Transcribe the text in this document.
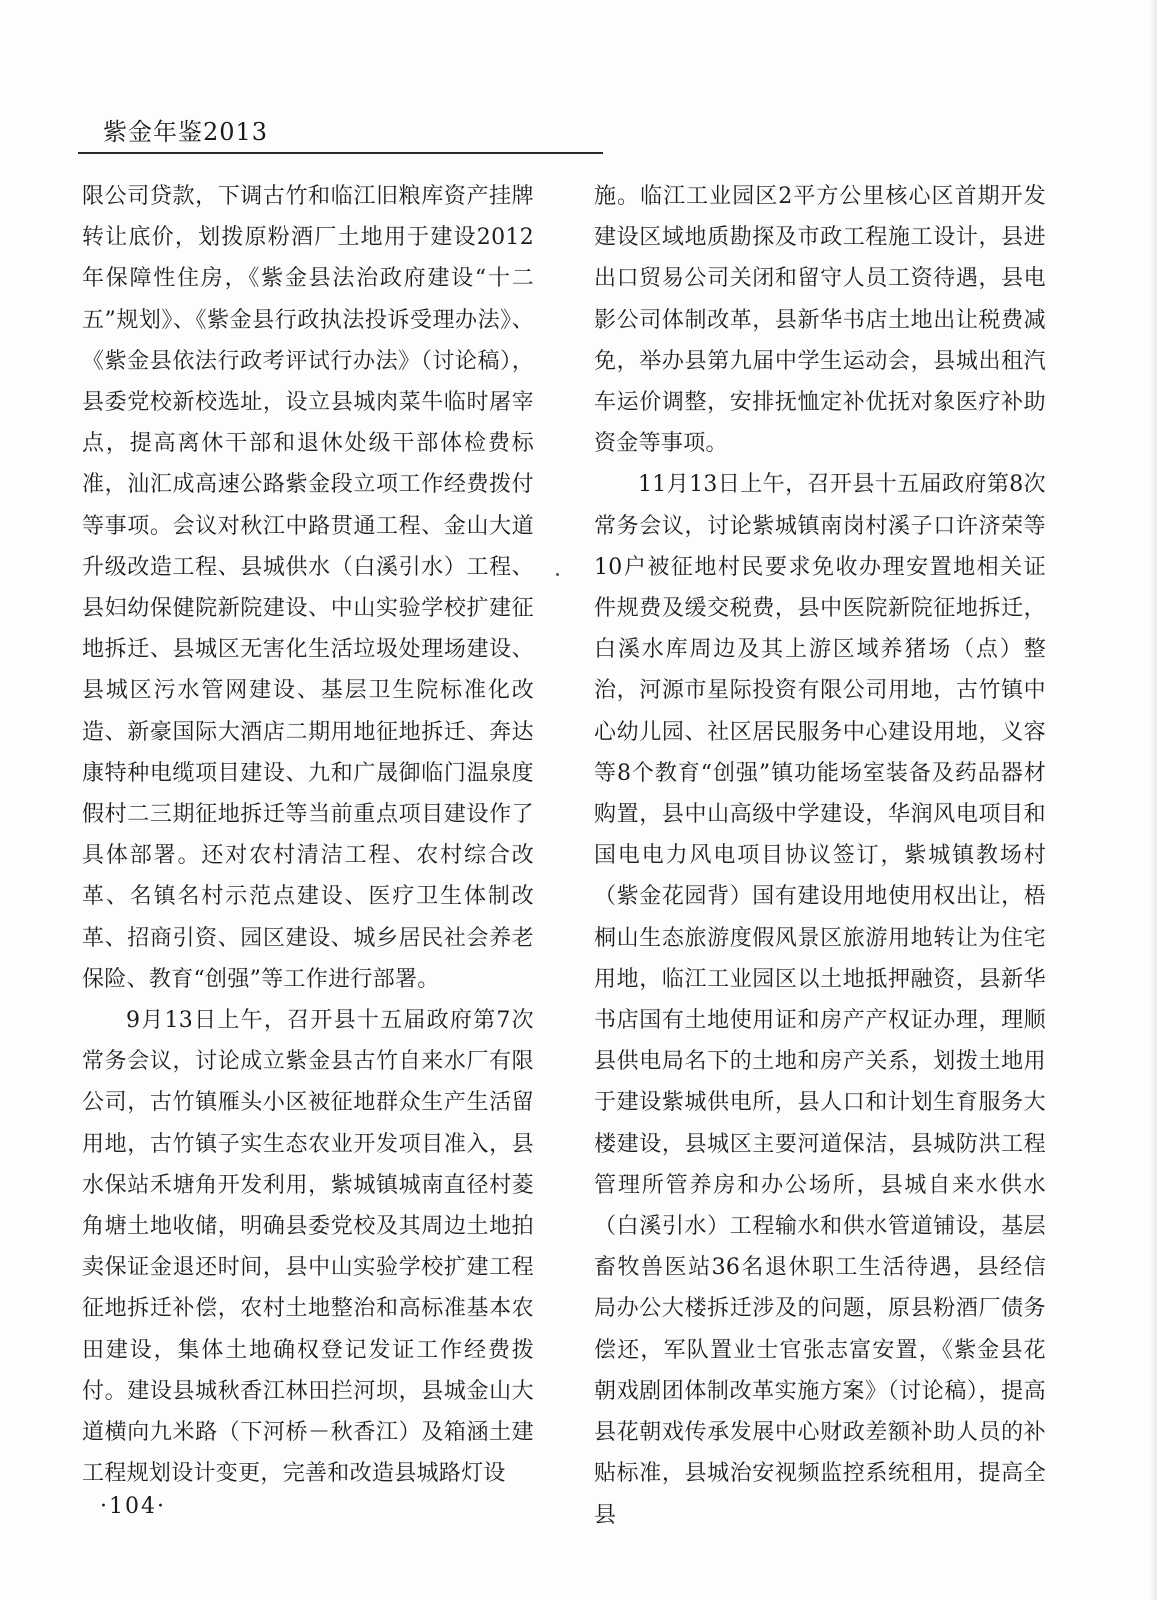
紫金年鉴2013

限公司贷款，下调古竹和临江旧粮库资产挂牌转让底价，划拨原粉酒厂土地用于建设2012年保障性住房，《紫金县法治政府建设“十二五”规划》、《紫金县行政执法投诉受理办法》、《紫金县依法行政考评试行办法》（讨论稿），县委党校新校选址，设立县城肉菜牛临时屠宰点，提高离休干部和退休处级干部体检费标准，汕汇成高速公路紫金段立项工作经费拨付等事项。会议对秋江中路贯通工程、金山大道升级改造工程、县城供水（白溪引水）工程、县妇幼保健院新院建设、中山实验学校扩建征地拆迁、县城区无害化生活垃圾处理场建设、县城区污水管网建设、基层卫生院标准化改造、新豪国际大酒店二期用地征地拆迁、奔达康特种电缆项目建设、九和广晟御临门温泉度假村二三期征地拆迁等当前重点项目建设作了具体部署。还对农村清洁工程、农村综合改革、名镇名村示范点建设、医疗卫生体制改革、招商引资、园区建设、城乡居民社会养老保险、教育“创强”等工作进行部署。

9月13日上午，召开县十五届政府第7次常务会议，讨论成立紫金县古竹自来水厂有限公司，古竹镇雁头小区被征地群众生产生活留用地，古竹镇子实生态农业开发项目准入，县水保站禾塘角开发利用，紫城镇城南直径村菱角塘土地收储，明确县委党校及其周边土地拍卖保证金退还时间，县中山实验学校扩建工程征地拆迁补偿，农村土地整治和高标准基本农田建设，集体土地确权登记发证工作经费拨付。建设县城秋香江林田拦河坝，县城金山大道横向九米路（下河桥－秋香江）及箱涵土建工程规划设计变更，完善和改造县城路灯设

施。临江工业园区2平方公里核心区首期开发建设区域地质勘探及市政工程施工设计，县进出口贸易公司关闭和留守人员工资待遇，县电影公司体制改革，县新华书店土地出让税费减免，举办县第九届中学生运动会，县城出租汽车运价调整，安排抚恤定补优抚对象医疗补助资金等事项。

11月13日上午，召开县十五届政府第8次常务会议，讨论紫城镇南岗村溪子口许济荣等10户被征地村民要求免收办理安置地相关证件规费及缓交税费，县中医院新院征地拆迁，白溪水库周边及其上游区域养猪场（点）整治，河源市星际投资有限公司用地，古竹镇中心幼儿园、社区居民服务中心建设用地，义容等8个教育“创强”镇功能场室装备及药品器材购置，县中山高级中学建设，华润风电项目和国电电力风电项目协议签订，紫城镇教场村（紫金花园背）国有建设用地使用权出让，梧桐山生态旅游度假风景区旅游用地转让为住宅用地，临江工业园区以土地抵押融资，县新华书店国有土地使用证和房产产权证办理，理顺县供电局名下的土地和房产关系，划拨土地用于建设紫城供电所，县人口和计划生育服务大楼建设，县城区主要河道保洁，县城防洪工程管理所管养房和办公场所，县城自来水供水（白溪引水）工程输水和供水管道铺设，基层畜牧兽医站36名退休职工生活待遇，县经信局办公大楼拆迁涉及的问题，原县粉酒厂债务偿还，军队置业士官张志富安置，《紫金县花朝戏剧团体制改革实施方案》（讨论稿），提高县花朝戏传承发展中心财政差额补助人员的补贴标准，县城治安视频监控系统租用，提高全县

·104·
